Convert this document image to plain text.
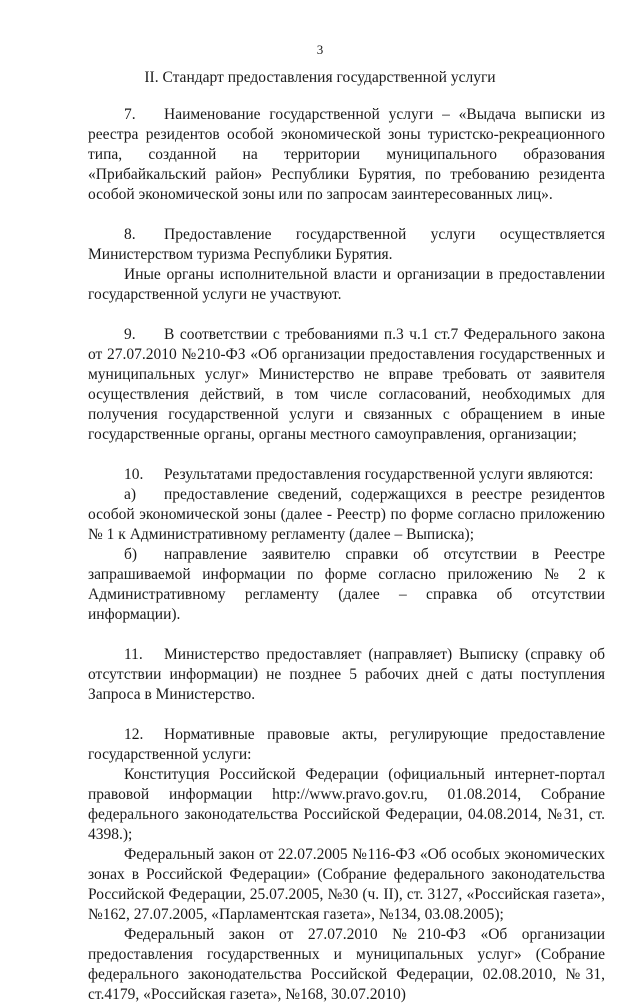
3
II. Стандарт предоставления государственной услуги

7. Наименование государственной услуги – «Выдача выписки из реестра резидентов особой экономической зоны туристско-рекреационного типа, созданной на территории муниципального образования «Прибайкальский район» Республики Бурятия, по требованию резидента особой экономической зоны или по запросам заинтересованных лиц».

8. Предоставление государственной услуги осуществляется Министерством туризма Республики Бурятия.

Иные органы исполнительной власти и организации в предоставлении государственной услуги не участвуют.

9. В соответствии с требованиями п.3 ч.1 ст.7 Федерального закона от 27.07.2010 №210-ФЗ «Об организации предоставления государственных и муниципальных услуг» Министерство не вправе требовать от заявителя осуществления действий, в том числе согласований, необходимых для получения государственной услуги и связанных с обращением в иные государственные органы, органы местного самоуправления, организации;

10. Результатами предоставления государственной услуги являются:

а) предоставление сведений, содержащихся в реестре резидентов особой экономической зоны (далее - Реестр) по форме согласно приложению № 1 к Административному регламенту (далее – Выписка);

б) направление заявителю справки об отсутствии в Реестре запрашиваемой информации по форме согласно приложению № 2 к Административному регламенту (далее – справка об отсутствии информации).

11. Министерство предоставляет (направляет) Выписку (справку об отсутствии информации) не позднее 5 рабочих дней с даты поступления Запроса в Министерство.

12. Нормативные правовые акты, регулирующие предоставление государственной услуги:

Конституция Российской Федерации (официальный интернет-портал правовой информации http://www.pravo.gov.ru, 01.08.2014, Собрание федерального законодательства Российской Федерации, 04.08.2014, №31, ст. 4398.);

Федеральный закон от 22.07.2005 №116-ФЗ «Об особых экономических зонах в Российской Федерации» (Собрание федерального законодательства Российской Федерации, 25.07.2005, №30 (ч. II), ст. 3127, «Российская газета», №162, 27.07.2005, «Парламентская газета», №134, 03.08.2005);

Федеральный закон от 27.07.2010 №210-ФЗ «Об организации предоставления государственных и муниципальных услуг» (Собрание федерального законодательства Российской Федерации, 02.08.2010, №31, ст.4179, «Российская газета», №168, 30.07.2010)
